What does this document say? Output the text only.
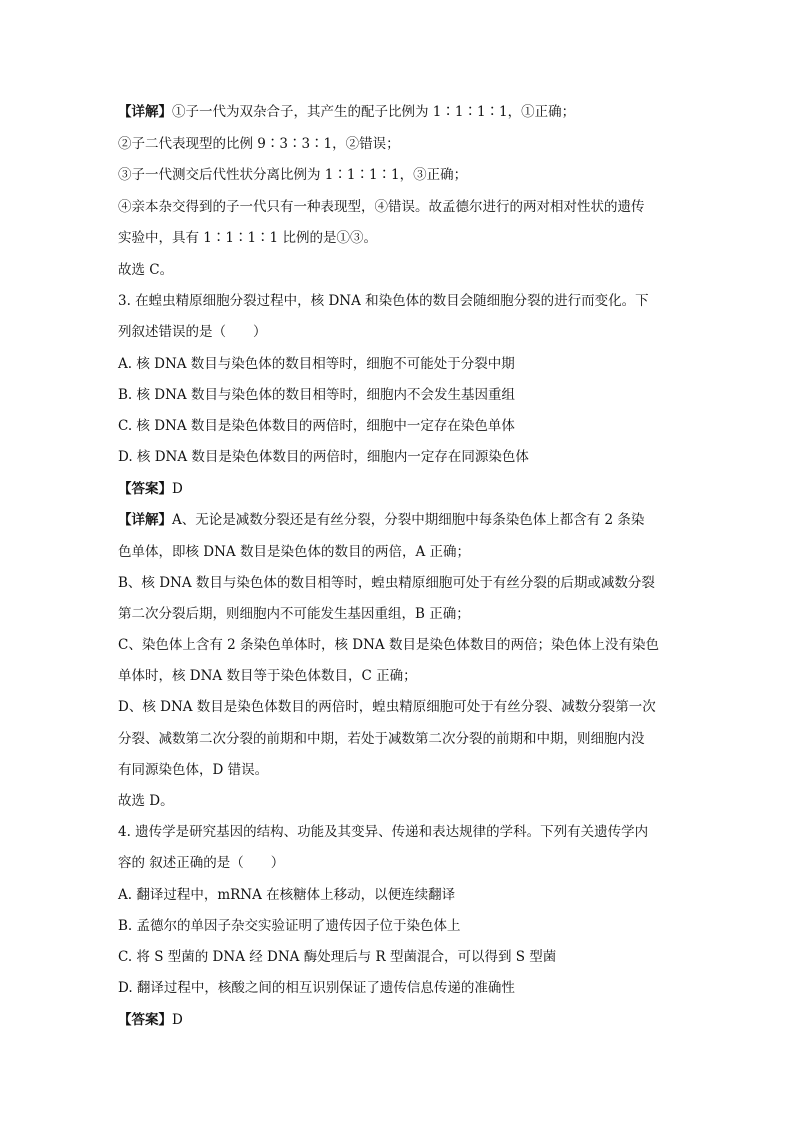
【详解】①子一代为双杂合子，其产生的配子比例为 1∶1∶1∶1，①正确；
②子二代表现型的比例 9∶3∶3∶1，②错误；
③子一代测交后代性状分离比例为 1∶1∶1∶1，③正确；
④亲本杂交得到的子一代只有一种表现型，④错误。故孟德尔进行的两对相对性状的遗传
实验中，具有 1∶1∶1∶1 比例的是①③。
故选 C。
3. 在蝗虫精原细胞分裂过程中，核 DNA 和染色体的数目会随细胞分裂的进行而变化。下
列叙述错误的是（　　）
A. 核 DNA 数目与染色体的数目相等时，细胞不可能处于分裂中期
B. 核 DNA 数目与染色体的数目相等时，细胞内不会发生基因重组
C. 核 DNA 数目是染色体数目的两倍时，细胞中一定存在染色单体
D. 核 DNA 数目是染色体数目的两倍时，细胞内一定存在同源染色体
【答案】D
【详解】A、无论是减数分裂还是有丝分裂，分裂中期细胞中每条染色体上都含有 2 条染
色单体，即核 DNA 数目是染色体的数目的两倍，A 正确；
B、核 DNA 数目与染色体的数目相等时，蝗虫精原细胞可处于有丝分裂的后期或减数分裂
第二次分裂后期，则细胞内不可能发生基因重组，B 正确；
C、染色体上含有 2 条染色单体时，核 DNA 数目是染色体数目的两倍；染色体上没有染色
单体时，核 DNA 数目等于染色体数目，C 正确；
D、核 DNA 数目是染色体数目的两倍时，蝗虫精原细胞可处于有丝分裂、减数分裂第一次
分裂、减数第二次分裂的前期和中期，若处于减数第二次分裂的前期和中期，则细胞内没
有同源染色体，D 错误。
故选 D。
4. 遗传学是研究基因的结构、功能及其变异、传递和表达规律的学科。下列有关遗传学内
容的 叙述正确的是（　　）
A. 翻译过程中，mRNA 在核糖体上移动，以便连续翻译
B. 孟德尔的单因子杂交实验证明了遗传因子位于染色体上
C. 将 S 型菌的 DNA 经 DNA 酶处理后与 R 型菌混合，可以得到 S 型菌
D. 翻译过程中，核酸之间的相互识别保证了遗传信息传递的准确性
【答案】D
